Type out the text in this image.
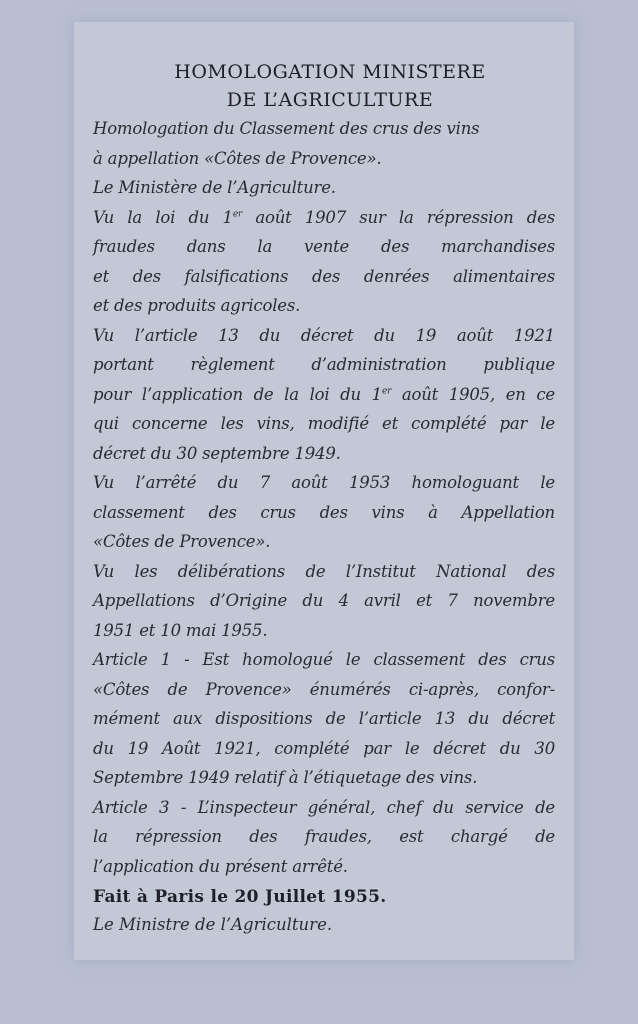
HOMOLOGATION MINISTERE
DE L’AGRICULTURE
Homologation du Classement des crus des vins
à appellation «Côtes de Provence».
Le Ministère de l’Agriculture.
Vu la loi du 1er août 1907 sur la répression des
fraudes dans la vente des marchandises
et des falsifications des denrées alimentaires
et des produits agricoles.
Vu l’article 13 du décret du 19 août 1921
portant règlement d’administration publique
pour l’application de la loi du 1er août 1905, en ce
qui concerne les vins, modifié et complété par le
décret du 30 septembre 1949.
Vu l’arrêté du 7 août 1953 homologuant le
classement des crus des vins à Appellation
«Côtes de Provence».
Vu les délibérations de l’Institut National des
Appellations d’Origine du 4 avril et 7 novembre
1951 et 10 mai 1955.
Article 1 - Est homologué le classement des crus
«Côtes de Provence» énumérés ci-après, confor-
mément aux dispositions de l’article 13 du décret
du 19 Août 1921, complété par le décret du 30
Septembre 1949 relatif à l’étiquetage des vins.
Article 3 - L’inspecteur général, chef du service de
la répression des fraudes, est chargé de
l’application du présent arrêté.
Fait à Paris le 20 Juillet 1955.
Le Ministre de l’Agriculture.
